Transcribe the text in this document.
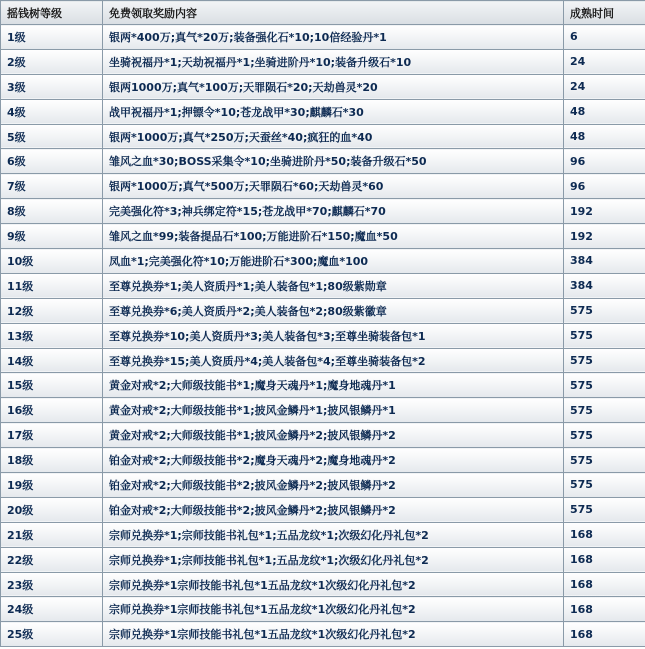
摇钱树等级	免费领取奖励内容	成熟时间
1级	银两*400万;真气*20万;装备强化石*10;10倍经验丹*1	6
2级	坐骑祝福丹*1;天劫祝福丹*1;坐骑进阶丹*10;装备升级石*10	24
3级	银两1000万;真气*100万;天罪陨石*20;天劫兽灵*20	24
4级	战甲祝福丹*1;押镖令*10;苍龙战甲*30;麒麟石*30	48
5级	银两*1000万;真气*250万;天蚕丝*40;疯狂的血*40	48
6级	雏风之血*30;BOSS采集令*10;坐骑进阶丹*50;装备升级石*50	96
7级	银两*1000万;真气*500万;天罪陨石*60;天劫兽灵*60	96
8级	完美强化符*3;神兵绑定符*15;苍龙战甲*70;麒麟石*70	192
9级	雏风之血*99;装备提品石*100;万能进阶石*150;魔血*50	192
10级	凤血*1;完美强化符*10;万能进阶石*300;魔血*100	384
11级	至尊兑换券*1;美人资质丹*1;美人装备包*1;80级紫勋章	384
12级	至尊兑换券*6;美人资质丹*2;美人装备包*2;80级紫徽章	575
13级	至尊兑换券*10;美人资质丹*3;美人装备包*3;至尊坐骑装备包*1	575
14级	至尊兑换券*15;美人资质丹*4;美人装备包*4;至尊坐骑装备包*2	575
15级	黄金对戒*2;大师级技能书*1;魔身天魂丹*1;魔身地魂丹*1	575
16级	黄金对戒*2;大师级技能书*1;披风金鳞丹*1;披风银鳞丹*1	575
17级	黄金对戒*2;大师级技能书*1;披风金鳞丹*2;披风银鳞丹*2	575
18级	铂金对戒*2;大师级技能书*2;魔身天魂丹*2;魔身地魂丹*2	575
19级	铂金对戒*2;大师级技能书*2;披风金鳞丹*2;披风银鳞丹*2	575
20级	铂金对戒*2;大师级技能书*2;披风金鳞丹*2;披风银鳞丹*2	575
21级	宗师兑换券*1;宗师技能书礼包*1;五品龙纹*1;次级幻化丹礼包*2	168
22级	宗师兑换券*1;宗师技能书礼包*1;五品龙纹*1;次级幻化丹礼包*2	168
23级	宗师兑换券*1宗师技能书礼包*1五品龙纹*1次级幻化丹礼包*2	168
24级	宗师兑换券*1宗师技能书礼包*1五品龙纹*1次级幻化丹礼包*2	168
25级	宗师兑换券*1宗师技能书礼包*1五品龙纹*1次级幻化丹礼包*2	168
